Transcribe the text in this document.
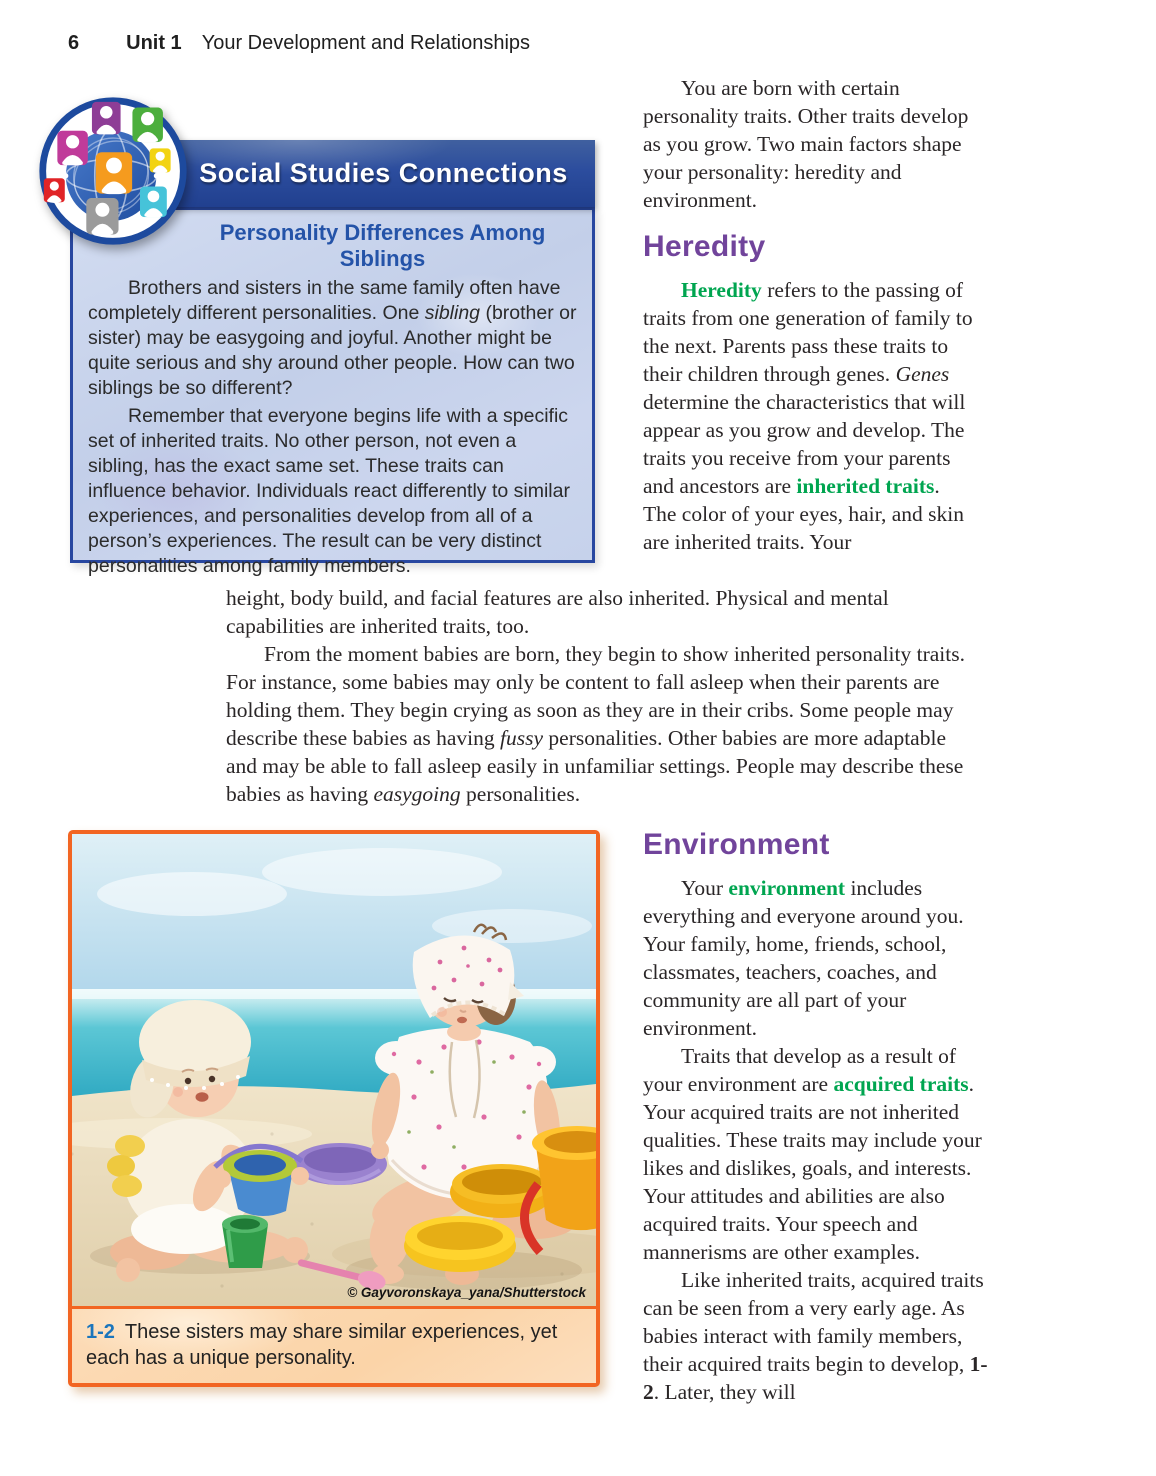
6 Unit 1 Your Development and Relationships
Social Studies Connections
Personality Differences Among Siblings

Brothers and sisters in the same family often have completely different personalities. One sibling (brother or sister) may be easygoing and joyful. Another might be quite serious and shy around other people. How can two siblings be so different?

Remember that everyone begins life with a specific set of inherited traits. No other person, not even a sibling, has the exact same set. These traits can influence behavior. Individuals react differently to similar experiences, and personalities develop from all of a person’s experiences. The result can be very distinct personalities among family members.

You are born with certain personality traits. Other traits develop as you grow. Two main factors shape your personality: heredity and environment.

Heredity

Heredity refers to the passing of traits from one generation of family to the next. Parents pass these traits to their children through genes. Genes determine the characteristics that will appear as you grow and develop. The traits you receive from your parents and ancestors are inherited traits. The color of your eyes, hair, and skin are inherited traits. Your

height, body build, and facial features are also inherited. Physical and mental capabilities are inherited traits, too.

From the moment babies are born, they begin to show inherited personality traits. For instance, some babies may only be content to fall asleep when their parents are holding them. They begin crying as soon as they are in their cribs. Some people may describe these babies as having fussy personalities. Other babies are more adaptable and may be able to fall asleep easily in unfamiliar settings. People may describe these babies as having easygoing personalities.

© Gayvoronskaya_yana/Shutterstock
1-2 These sisters may share similar experiences, yet each has a unique personality.
Environment

Your environment includes everything and everyone around you. Your family, home, friends, school, classmates, teachers, coaches, and community are all part of your environment.

Traits that develop as a result of your environment are acquired traits. Your acquired traits are not inherited qualities. These traits may include your likes and dislikes, goals, and interests. Your attitudes and abilities are also acquired traits. Your speech and mannerisms are other examples.

Like inherited traits, acquired traits can be seen from a very early age. As babies interact with family members, their acquired traits begin to develop, 1-2. Later, they will
